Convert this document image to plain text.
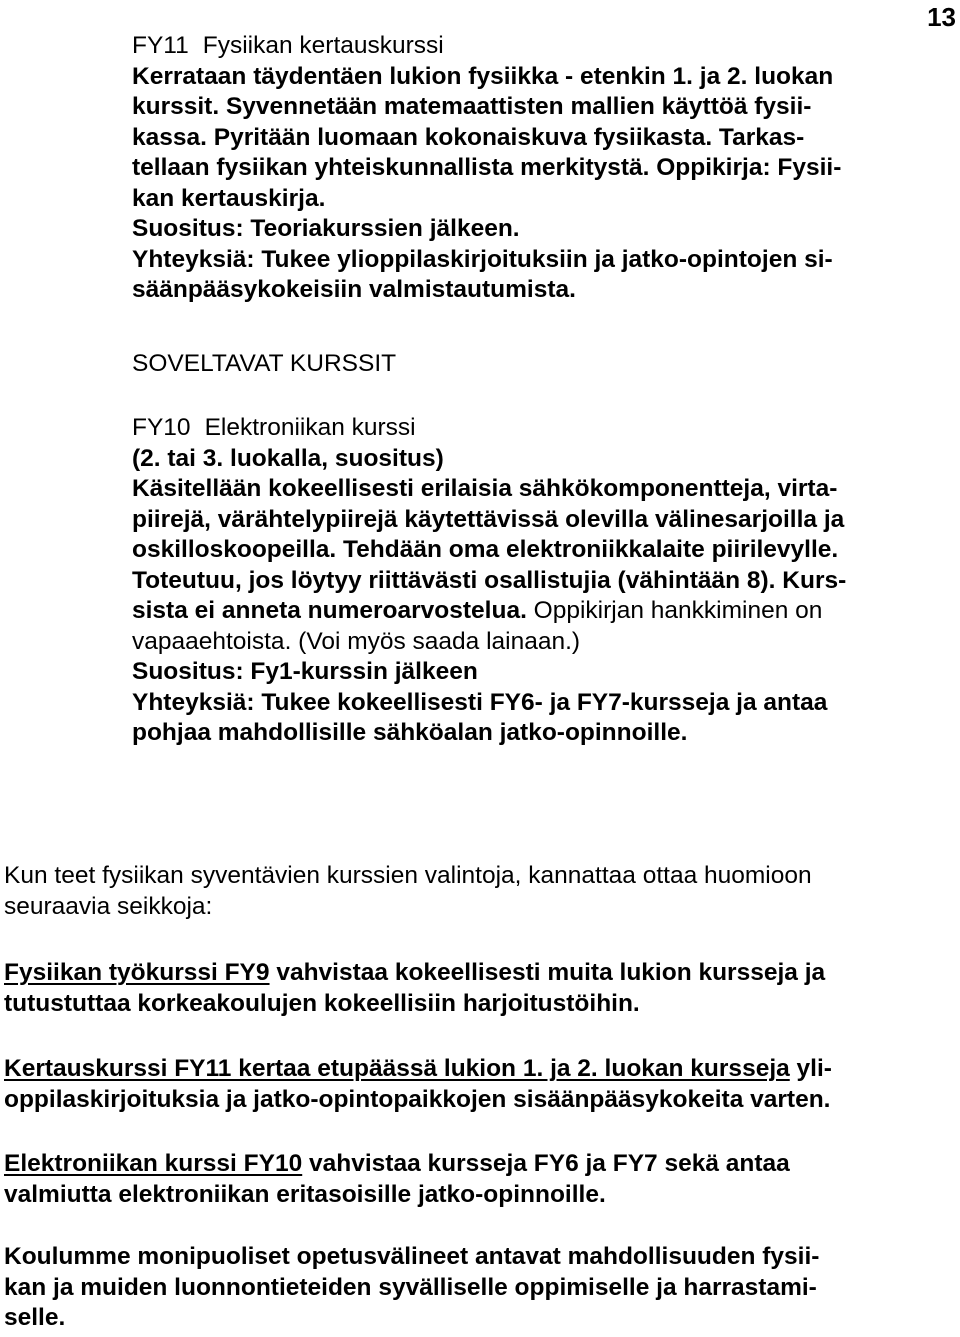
13
FY11 Fysiikan kertauskurssi
Kerrataan täydentäen lukion fysiikka - etenkin 1. ja 2. luokan
kurssit. Syvennetään matemaattisten mallien käyttöä fysii-
kassa. Pyritään luomaan kokonaiskuva fysiikasta. Tarkas-
tellaan fysiikan yhteiskunnallista merkitystä. Oppikirja: Fysii-
kan kertauskirja.
Suositus: Teoriakurssien jälkeen.
Yhteyksiä: Tukee ylioppilaskirjoituksiin ja jatko-opintojen si-
säänpääsykokeisiin valmistautumista.
SOVELTAVAT KURSSIT
FY10 Elektroniikan kurssi
(2. tai 3. luokalla, suositus)
Käsitellään kokeellisesti erilaisia sähkökomponentteja, virta-
piirejä, värähtelypiirejä käytettävissä olevilla välinesarjoilla ja
oskilloskoopeilla. Tehdään oma elektroniikkalaite piirilevylle.
Toteutuu, jos löytyy riittävästi osallistujia (vähintään 8). Kurs-
sista ei anneta numeroarvostelua. Oppikirjan hankkiminen on
vapaaehtoista. (Voi myös saada lainaan.)
Suositus: Fy1-kurssin jälkeen
Yhteyksiä: Tukee kokeellisesti FY6- ja FY7-kursseja ja antaa
pohjaa mahdollisille sähköalan jatko-opinnoille.
Kun teet fysiikan syventävien kurssien valintoja, kannattaa ottaa huomioon
seuraavia seikkoja:
Fysiikan työkurssi FY9 vahvistaa kokeellisesti muita lukion kursseja ja
tutustuttaa korkeakoulujen kokeellisiin harjoitustöihin.
Kertauskurssi FY11 kertaa etupäässä lukion 1. ja 2. luokan kursseja yli-
oppilaskirjoituksia ja jatko-opintopaikkojen sisäänpääsykokeita varten.
Elektroniikan kurssi FY10 vahvistaa kursseja FY6 ja FY7 sekä antaa
valmiutta elektroniikan eritasoisille jatko-opinnoille.
Koulumme monipuoliset opetusvälineet antavat mahdollisuuden fysii-
kan ja muiden luonnontieteiden syvälliselle oppimiselle ja harrastami-
selle.
